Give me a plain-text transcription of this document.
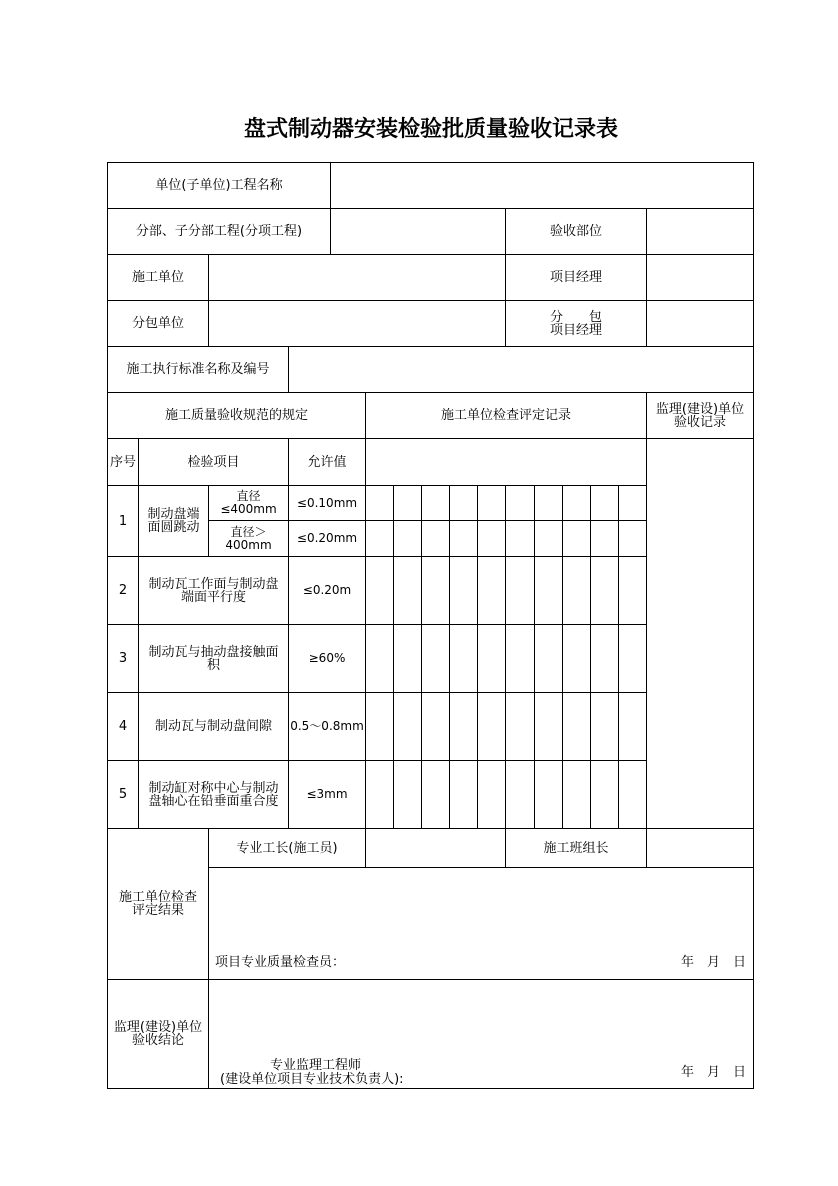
盘式制动器安装检验批质量验收记录表
单位(子单位)工程名称
分部、子分部工程(分项工程)	验收部位
施工单位	项目经理
分包单位	分　　包
项目经理
施工执行标准名称及编号
施工质量验收规范的规定	施工单位检查评定记录	监理(建设)单位
验收记录
序号	检验项目	允许值
1	制动盘端面圆跳动
直径≤400mm	≤0.10mm
直径＞400mm	≤0.20mm
2	制动瓦工作面与制动盘端面平行度	≤0.20m
3	制动瓦与抽动盘接触面积	≥60%
4	制动瓦与制动盘间隙	0.5～0.8mm
5	制动缸对称中心与制动盘轴心在铅垂面重合度	≤3mm
施工单位检查评定结果
专业工长(施工员)	施工班组长
项目专业质量检查员：	年　月　日
监理(建设)单位验收结论
专业监理工程师
(建设单位项目专业技术负责人):	年　月　日
